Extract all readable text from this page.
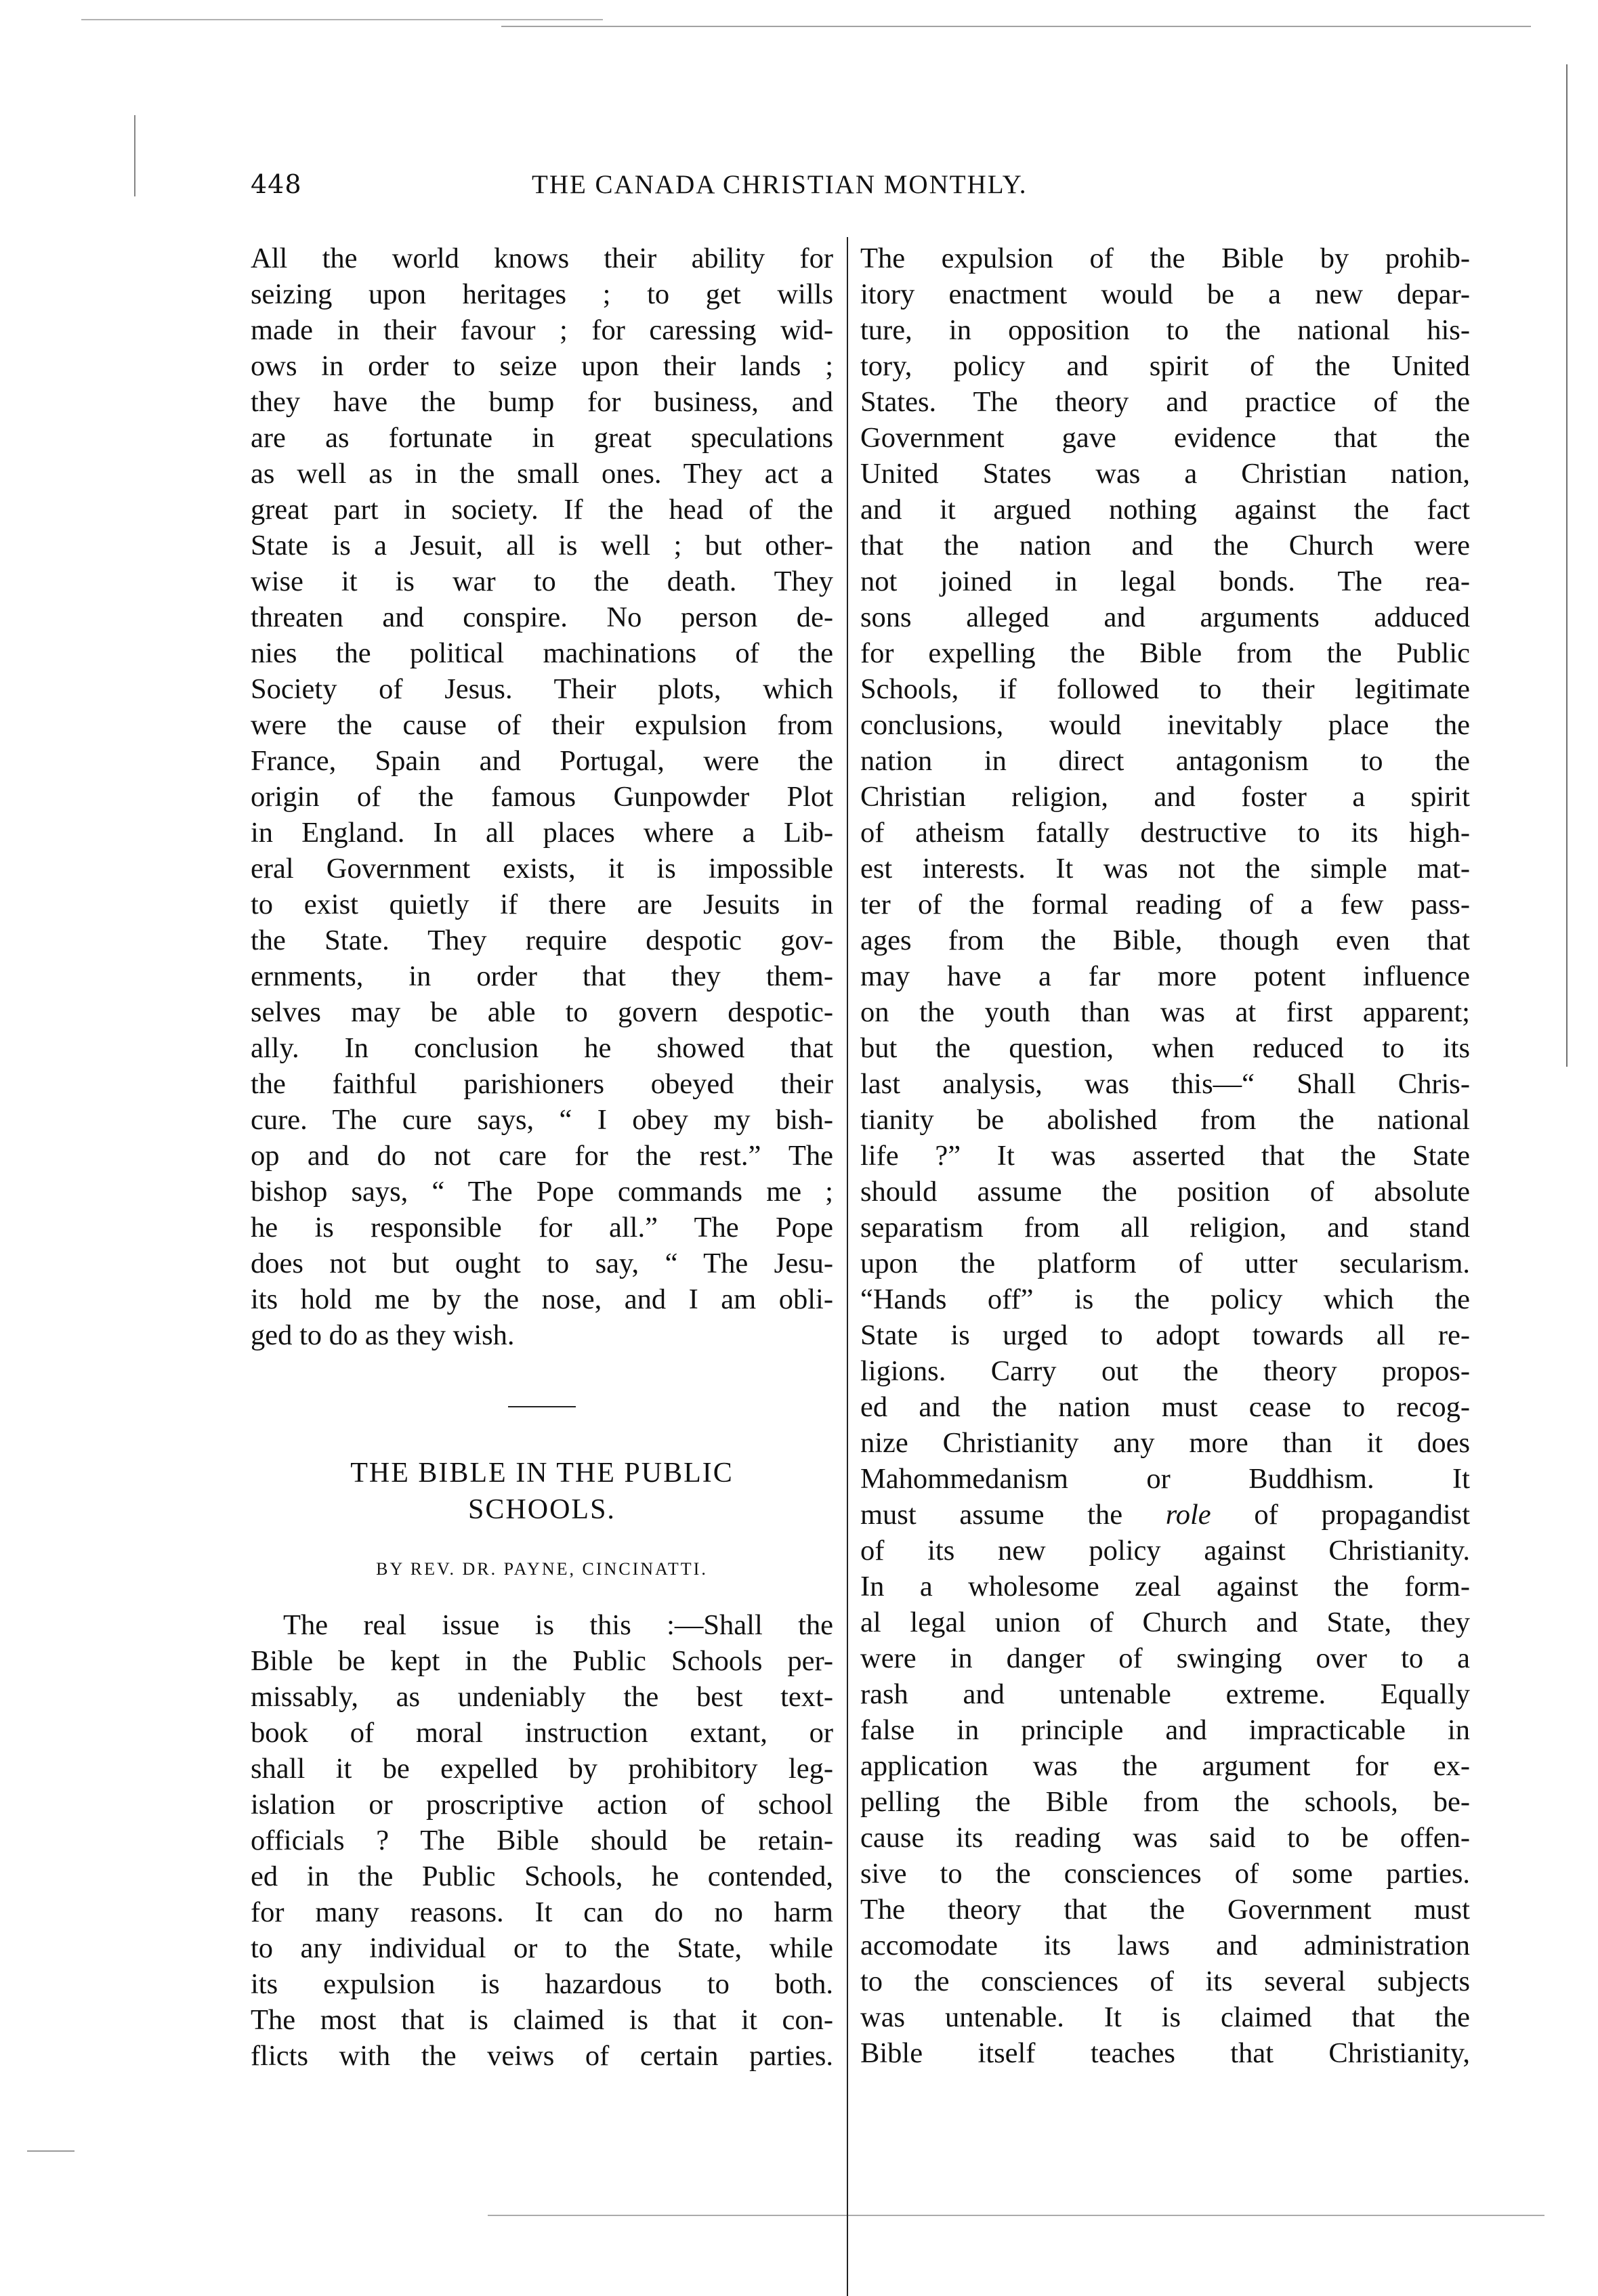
448	THE CANADA CHRISTIAN MONTHLY.
All the world knows their ability for
seizing upon heritages ; to get wills
made in their favour ; for caressing wid-
ows in order to seize upon their lands ;
they have the bump for business, and
are as fortunate in great speculations
as well as in the small ones. They act a
great part in society. If the head of the
State is a Jesuit, all is well ; but other-
wise it is war to the death. They
threaten and conspire. No person de-
nies the political machinations of the
Society of Jesus. Their plots, which
were the cause of their expulsion from
France, Spain and Portugal, were the
origin of the famous Gunpowder Plot
in England. In all places where a Lib-
eral Government exists, it is impossible
to exist quietly if there are Jesuits in
the State. They require despotic gov-
ernments, in order that they them-
selves may be able to govern despotic-
ally. In conclusion he showed that
the faithful parishioners obeyed their
cure. The cure says, “ I obey my bish-
op and do not care for the rest.” The
bishop says, “ The Pope commands me ;
he is responsible for all.” The Pope
does not but ought to say, “ The Jesu-
its hold me by the nose, and I am obli-
ged to do as they wish.
THE BIBLE IN THE PUBLIC
SCHOOLS.
BY REV. DR. PAYNE, CINCINATTI.
The real issue is this :—Shall the
Bible be kept in the Public Schools per-
missably, as undeniably the best text-
book of moral instruction extant, or
shall it be expelled by prohibitory leg-
islation or proscriptive action of school
officials ? The Bible should be retain-
ed in the Public Schools, he contended,
for many reasons. It can do no harm
to any individual or to the State, while
its expulsion is hazardous to both.
The most that is claimed is that it con-
flicts with the veiws of certain parties.
The expulsion of the Bible by prohib-
itory enactment would be a new depar-
ture, in opposition to the national his-
tory, policy and spirit of the United
States. The theory and practice of the
Government gave evidence that the
United States was a Christian nation,
and it argued nothing against the fact
that the nation and the Church were
not joined in legal bonds. The rea-
sons alleged and arguments adduced
for expelling the Bible from the Public
Schools, if followed to their legitimate
conclusions, would inevitably place the
nation in direct antagonism to the
Christian religion, and foster a spirit
of atheism fatally destructive to its high-
est interests. It was not the simple mat-
ter of the formal reading of a few pass-
ages from the Bible, though even that
may have a far more potent influence
on the youth than was at first apparent;
but the question, when reduced to its
last analysis, was this—“ Shall Chris-
tianity be abolished from the national
life ?” It was asserted that the State
should assume the position of absolute
separatism from all religion, and stand
upon the platform of utter secularism.
“Hands off” is the policy which the
State is urged to adopt towards all re-
ligions. Carry out the theory propos-
ed and the nation must cease to recog-
nize Christianity any more than it does
Mahommedanism or Buddhism. It
must assume the role of propagandist
of its new policy against Christianity.
In a wholesome zeal against the form-
al legal union of Church and State, they
were in danger of swinging over to a
rash and untenable extreme. Equally
false in principle and impracticable in
application was the argument for ex-
pelling the Bible from the schools, be-
cause its reading was said to be offen-
sive to the consciences of some parties.
The theory that the Government must
accomodate its laws and administration
to the consciences of its several subjects
was untenable. It is claimed that the
Bible itself teaches that Christianity,
